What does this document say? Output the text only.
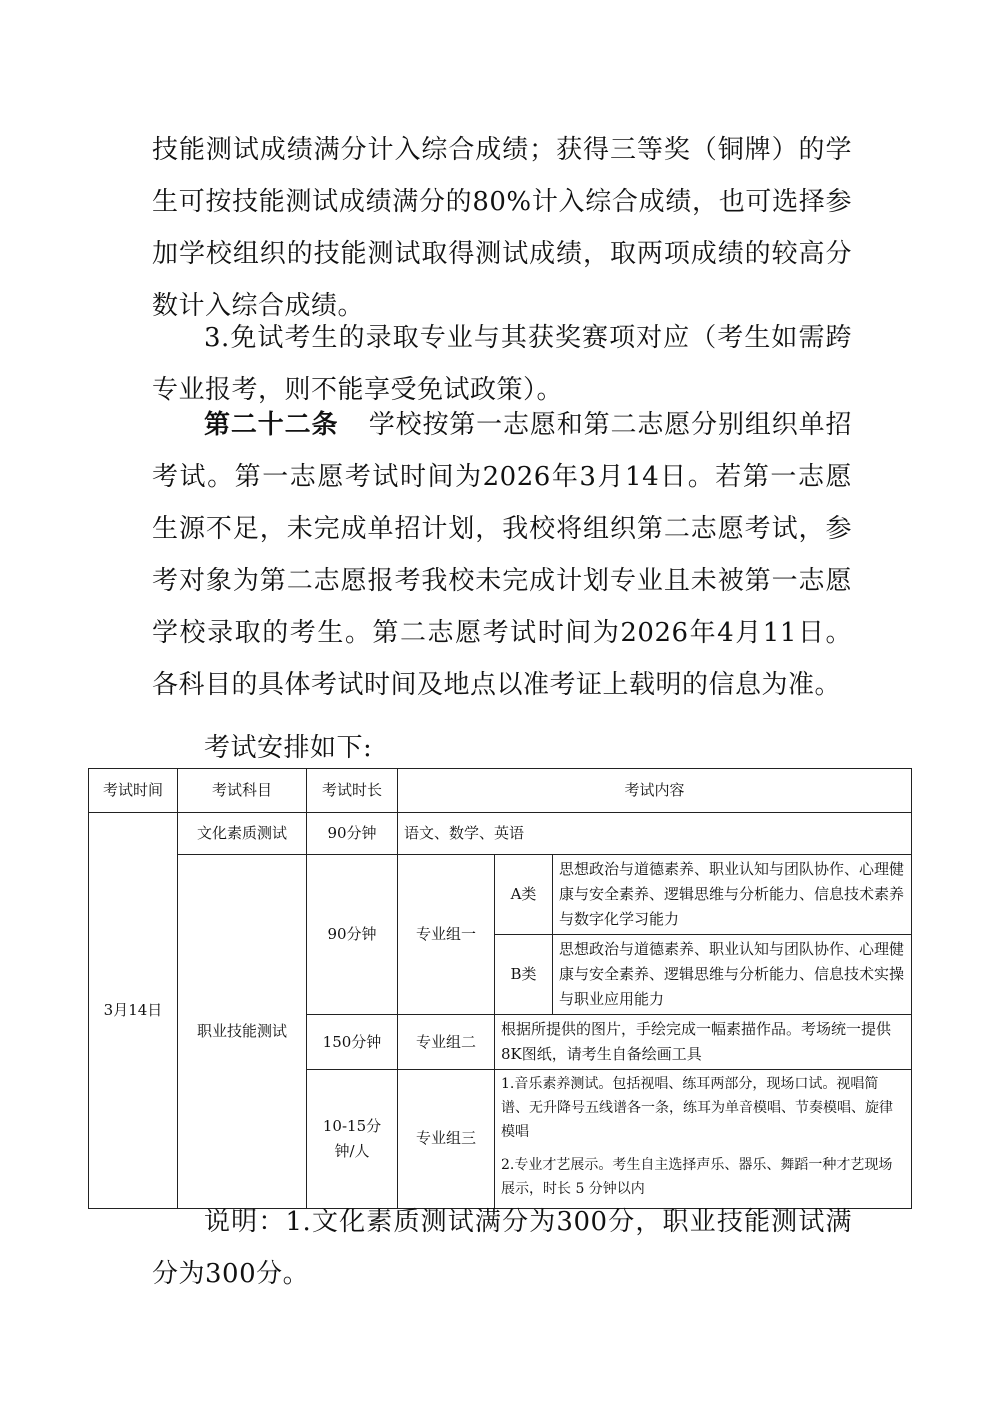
技能测试成绩满分计入综合成绩；获得三等奖（铜牌）的学生可按技能测试成绩满分的80%计入综合成绩，也可选择参加学校组织的技能测试取得测试成绩，取两项成绩的较高分数计入综合成绩。

3.免试考生的录取专业与其获奖赛项对应（考生如需跨专业报考，则不能享受免试政策）。

第二十二条 学校按第一志愿和第二志愿分别组织单招考试。第一志愿考试时间为2026年3月14日。若第一志愿生源不足，未完成单招计划，我校将组织第二志愿考试，参考对象为第二志愿报考我校未完成计划专业且未被第一志愿学校录取的考生。第二志愿考试时间为2026年4月11日。各科目的具体考试时间及地点以准考证上载明的信息为准。

考试安排如下:

考试时间	考试科目	考试时长	考试内容		
3月14日	文化素质测试	90分钟	语文、数学、英语		
	职业技能测试	90分钟	专业组一	A类	思想政治与道德素养、职业认知与团队协作、心理健康与安全素养、逻辑思维与分析能力、信息技术素养与数字化学习能力
				B类	思想政治与道德素养、职业认知与团队协作、心理健康与安全素养、逻辑思维与分析能力、信息技术实操与职业应用能力
		150分钟	专业组二	根据所提供的图片，手绘完成一幅素描作品。考场统一提供8K图纸，请考生自备绘画工具	
		10-15分钟/人	专业组三	1.音乐素养测试。包括视唱、练耳两部分，现场口试。视唱简谱、无升降号五线谱各一条，练耳为单音模唱、节奏模唱、旋律模唱	
				2.专业才艺展示。考生自主选择声乐、器乐、舞蹈一种才艺现场展示，时长 5 分钟以内	

说明：1.文化素质测试满分为300分，职业技能测试满分为300分。
